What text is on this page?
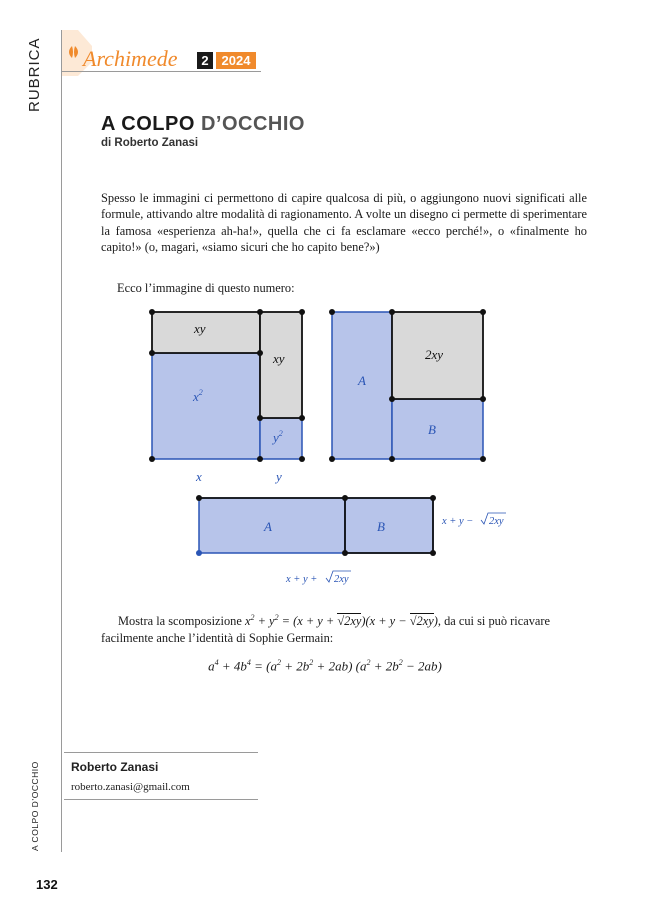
RUBRICA Archimede	2 2024
A COLPO D’OCCHIO
di Roberto Zanasi
Spesso le immagini ci permettono di capire qualcosa di più, o aggiungono nuovi significati alle formule, attivando altre modalità di ragionamento. A volte un disegno ci permette di sperimentare la famosa «esperienza ah-ha!», quella che ci fa esclamare «ecco perché!», o «finalmente ho capito!» (o, magari, «siamo sicuri che ho capito bene?»)
Ecco l’immagine di questo numero:
xy
xy
$x^2$
$y^2$
x	y
A
2xy
B
A	B	x + y − 2xy
x + y + 2xy
Mostra la scomposizione $x^2 + y^2 = (x + y + √2xy)(x + y - √2xy)$, da cui si può ricavare facilmente anche l’identità di Sophie Germain:
$a^4 + 4b^4 = (a^2 + 2b^2 + 2ab) (a^2 + 2b^2 - 2ab)$
A COLPO D’OCCHIO	Roberto Zanasi
roberto.zanasi@gmail.com
132
